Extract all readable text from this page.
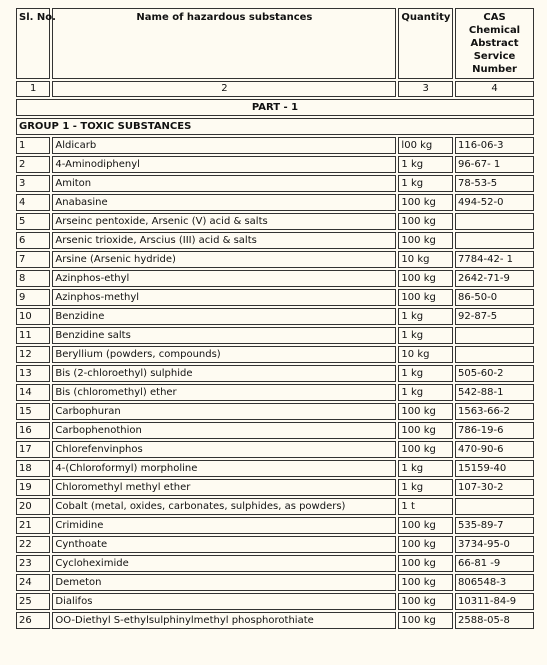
Sl. No.	Name of hazardous substances	Quantity	CAS Chemical Abstract Service Number
1	2	3	4
PART - 1			
GROUP 1 - TOXIC SUBSTANCES			
1	Aldicarb	l00 kg	116-06-3
2	4-Aminodiphenyl	1 kg	96-67- 1
3	Amiton	1 kg	78-53-5
4	Anabasine	100 kg	494-52-0
5	Arseinc pentoxide, Arsenic (V) acid & salts	100 kg	
6	Arsenic trioxide, Arscius (III) acid & salts	100 kg	
7	Arsine (Arsenic hydride)	10 kg	7784-42- 1
8	Azinphos-ethyl	100 kg	2642-71-9
9	Azinphos-methyl	100 kg	86-50-0
10	Benzidine	1 kg	92-87-5
11	Benzidine salts	1 kg	
12	Beryllium (powders, compounds)	10 kg	
13	Bis (2-chloroethyl) sulphide	1 kg	505-60-2
14	Bis (chloromethyl) ether	1 kg	542-88-1
15	Carbophuran	100 kg	1563-66-2
16	Carbophenothion	100 kg	786-19-6
17	Chlorefenvinphos	100 kg	470-90-6
18	4-(Chloroformyl) morpholine	1 kg	15159-40
19	Chloromethyl methyl ether	1 kg	107-30-2
20	Cobalt (metal, oxides, carbonates, sulphides, as powders)	1 t	
21	Crimidine	100 kg	535-89-7
22	Cynthoate	100 kg	3734-95-0
23	Cycloheximide	100 kg	66-81 -9
24	Demeton	100 kg	806548-3
25	Dialifos	100 kg	10311-84-9
26	OO-Diethyl S-ethylsulphinylmethyl phosphorothiate	100 kg	2588-05-8
